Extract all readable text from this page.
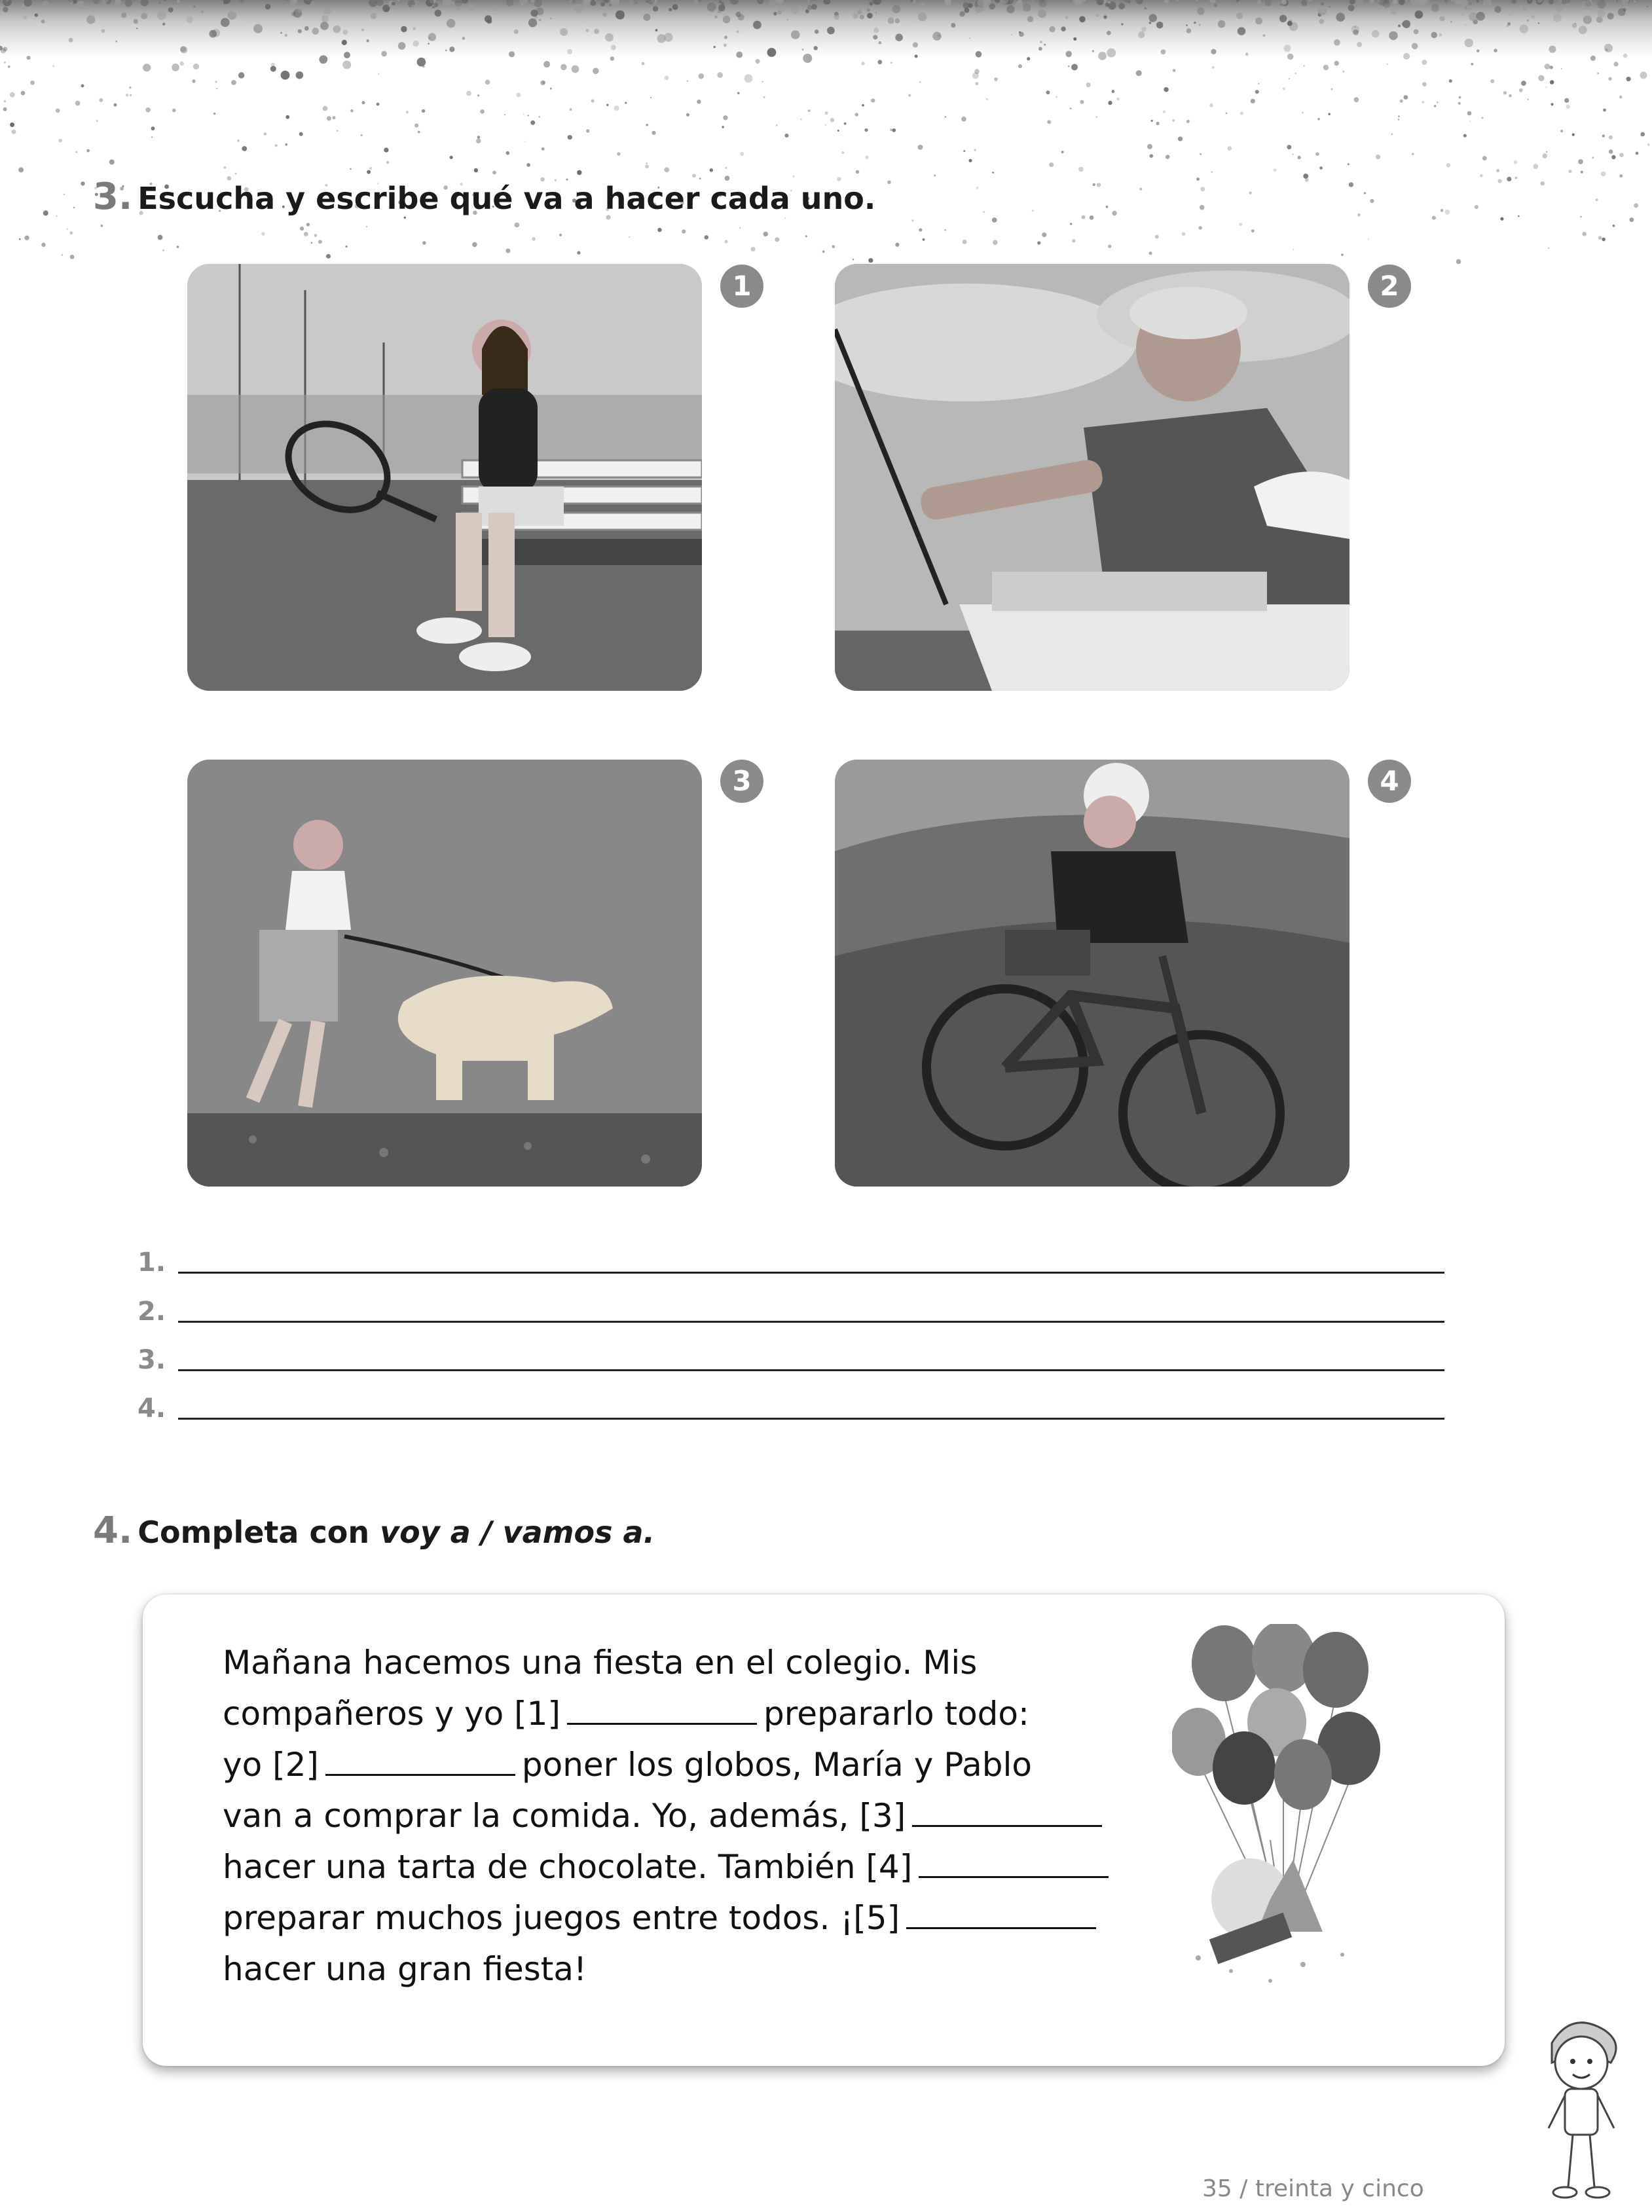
3. Escucha y escribe qué va a hacer cada uno.
1	2
3	4
1.
2.
3.
4.
4. Completa con voy a / vamos a.
Mañana hacemos una fiesta en el colegio. Mis
compañeros y yo [1]	prepararlo todo:
yo [2]	poner los globos, María y Pablo
van a comprar la comida. Yo, además, [3]
hacer una tarta de chocolate. También [4]
preparar muchos juegos entre todos. ¡[5]
hacer una gran fiesta!
35 / treinta y cinco
